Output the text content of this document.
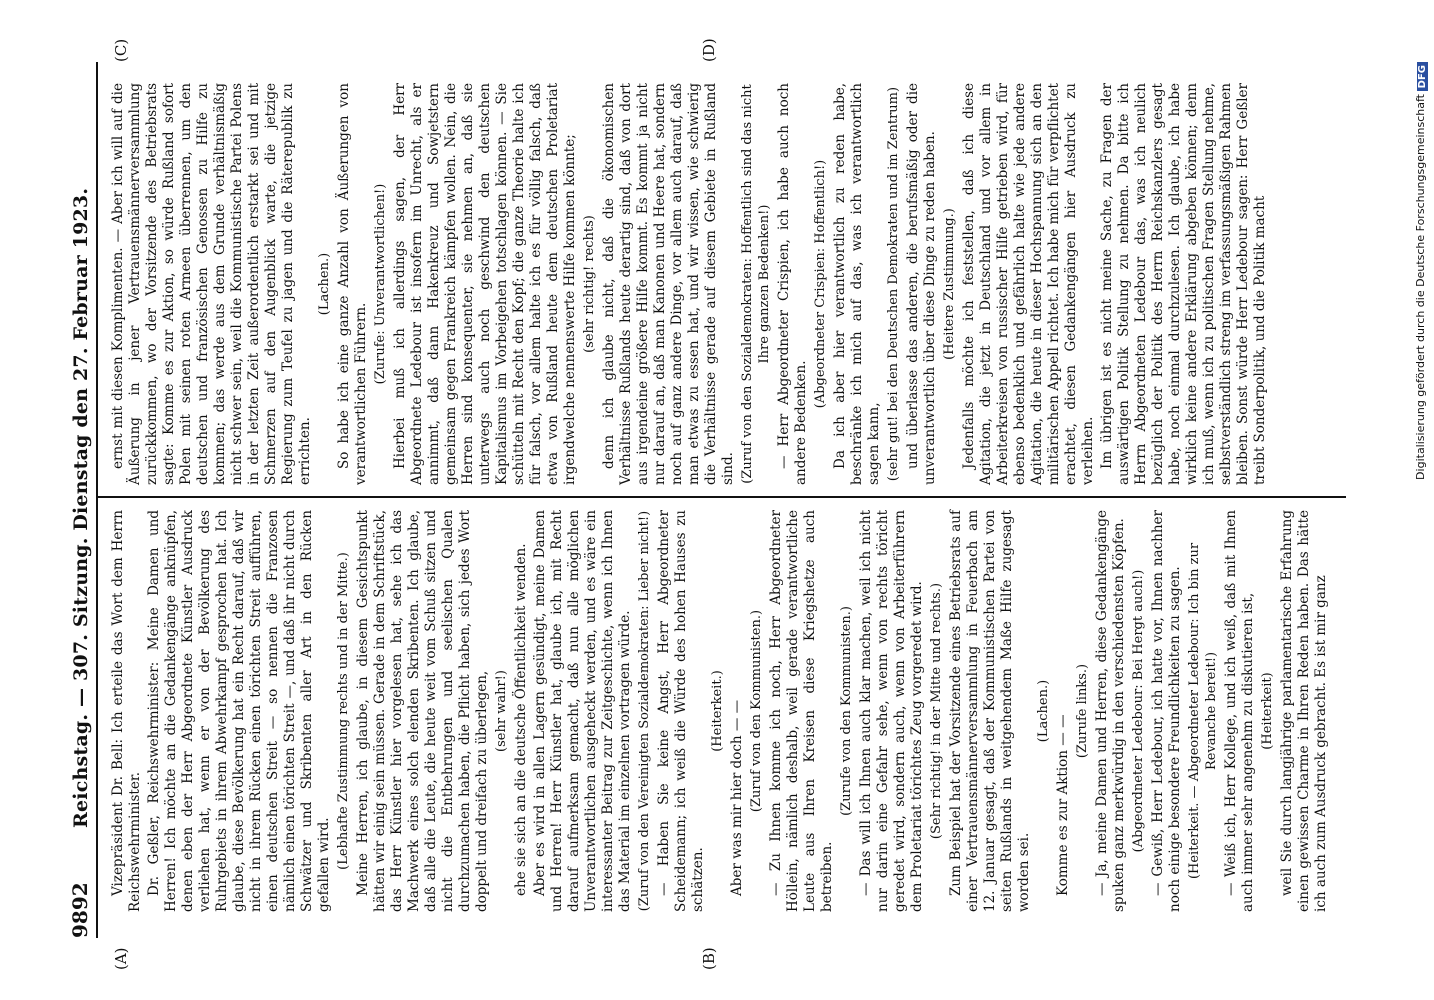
9892
Reichstag. — 307. Sitzung. Dienstag den 27. Februar 1923.
(A)	(B)
(C)	(D)

Vizepräsident Dr. Bell: Ich erteile das Wort dem Herrn Reichswehrminister. Dr. Geßler, Reichswehrminister: Meine Damen und Herren! Ich möchte an die Gedankengänge anknüpfen, denen eben der Herr Abgeordnete Künstler Ausdruck verliehen hat, wenn er von der Bevölkerung des Ruhrgebiets in ihrem Abwehrkampf gesprochen hat. Ich glaube, diese Bevölkerung hat ein Recht darauf, daß wir nicht in ihrem Rücken einen törichten Streit aufführen, einen deutschen Streit — so nennen die Franzosen nämlich einen törichten Streit —, und daß ihr nicht durch Schwätzer und Skribenten aller Art in den Rücken gefallen wird. (Lebhafte Zustimmung rechts und in der Mitte.) Meine Herren, ich glaube, in diesem Gesichtspunkt hätten wir einig sein müssen. Gerade in dem Schriftstück, das Herr Künstler hier vorgelesen hat, sehe ich das Machwerk eines solch elenden Skribenten. Ich glaube, daß alle die Leute, die heute weit vom Schuß sitzen und nicht die Entbehrungen und seelischen Qualen durchzumachen haben, die Pflicht haben, sich jedes Wort doppelt und dreifach zu überlegen, (sehr wahr!) ehe sie sich an die deutsche Öffentlichkeit wenden. Aber es wird in allen Lagern gesündigt, meine Damen und Herren! Herr Künstler hat, glaube ich, mit Recht darauf aufmerksam gemacht, daß nun alle möglichen Unverantwortlichen ausgeheckt werden, und es wäre ein interessanter Beitrag zur Zeitgeschichte, wenn ich Ihnen das Material im einzelnen vortragen würde. (Zuruf von den Vereinigten Sozialdemokraten: Lieber nicht!) — Haben Sie keine Angst, Herr Abgeordneter Scheidemann; ich weiß die Würde des hohen Hauses zu schätzen.

(Heiterkeit.) Aber was mir hier doch — — (Zuruf von den Kommunisten.) — Zu Ihnen komme ich noch, Herr Abgeordneter Höllein, nämlich deshalb, weil gerade verantwortliche Leute aus Ihren Kreisen diese Kriegshetze auch betreiben.

(Zurufe von den Kommunisten.) — Das will ich Ihnen auch klar machen, weil ich nicht nur darin eine Gefahr sehe, wenn von rechts töricht geredet wird, sondern auch, wenn von Arbeiterführern dem Proletariat törichtes Zeug vorgeredet wird. (Sehr richtig! in der Mitte und rechts.) Zum Beispiel hat der Vorsitzende eines Betriebsrats auf einer Vertrauensmännerversammlung in Feuerbach am 12. Januar gesagt, daß der Kommunistischen Partei von seiten Rußlands in weitgehendem Maße Hilfe zugesagt worden sei.

(Lachen.)

Komme es zur Aktion — —

(Zurufe links.) — Ja, meine Damen und Herren, diese Gedankengänge spuken ganz merkwürdig in den verschiedensten Köpfen. (Abgeordneter Ledebour: Bei Hergt auch!) — Gewiß, Herr Ledebour, ich hatte vor, Ihnen nachher noch einige besondere Freundlichkeiten zu sagen. (Heiterkeit. — Abgeordneter Ledebour: Ich bin zur Revanche bereit!) — Weiß ich, Herr Kollege, und ich weiß, daß mit Ihnen auch immer sehr angenehm zu diskutieren ist, (Heiterkeit) weil Sie durch langjährige parlamentarische Erfahrung einen gewissen Charme in Ihren Reden haben. Das hätte ich auch zum Ausdruck gebracht. Es ist mir ganz

ernst mit diesen Komplimenten. — Aber ich will auf die Äußerung in jener Vertrauensmännerversammlung zurückkommen, wo der Vorsitzende des Betriebsrats sagte: Komme es zur Aktion, so würde Rußland sofort Polen mit seinen roten Armeen überrennen, um den deutschen und französischen Genossen zu Hilfe zu kommen; das werde aus dem Grunde verhältnismäßig nicht schwer sein, weil die Kommunistische Partei Polens in der letzten Zeit außerordentlich erstarkt sei und mit Schmerzen auf den Augenblick warte, die jetzige Regierung zum Teufel zu jagen und die Räterepublik zu errichten.

(Lachen.) So habe ich eine ganze Anzahl von Äußerungen von verantwortlichen Führern.

(Zurufe: Unverantwortlichen!) Hierbei muß ich allerdings sagen, der Herr Abgeordnete Ledebour ist insofern im Unrecht, als er annimmt, daß dann Hakenkreuz und Sowjetstern gemeinsam gegen Frankreich kämpfen wollen. Nein, die Herren sind konsequenter, sie nehmen an, daß sie unterwegs auch noch geschwind den deutschen Kapitalismus im Vorbeigehen totschlagen können. — Sie schütteln mit Recht den Kopf; die ganze Theorie halte ich für falsch, vor allem halte ich es für völlig falsch, daß etwa von Rußland heute dem deutschen Proletariat irgendwelche nennenswerte Hilfe kommen könnte; (sehr richtig! rechts) denn ich glaube nicht, daß die ökonomischen Verhältnisse Rußlands heute derartig sind, daß von dort aus irgendeine größere Hilfe kommt. Es kommt ja nicht nur darauf an, daß man Kanonen und Heere hat, sondern noch auf ganz andere Dinge, vor allem auch darauf, daß man etwas zu essen hat, und wir wissen, wie schwierig die Verhältnisse gerade auf diesem Gebiete in Rußland sind. (Zuruf von den Sozialdemokraten: Hoffentlich sind das nicht Ihre ganzen Bedenken!) — Herr Abgeordneter Crispien, ich habe auch noch andere Bedenken.

(Abgeordneter Crispien: Hoffentlich!) Da ich aber hier verantwortlich zu reden habe, beschränke ich mich auf das, was ich verantwortlich sagen kann, (sehr gut! bei den Deutschen Demokraten und im Zentrum) und überlasse das anderen, die berufsmäßig oder die unverantwortlich über diese Dinge zu reden haben. (Heitere Zustimmung.) Jedenfalls möchte ich feststellen, daß ich diese Agitation, die jetzt in Deutschland und vor allem in Arbeiterkreisen von russischer Hilfe getrieben wird, für ebenso bedenklich und gefährlich halte wie jede andere Agitation, die heute in dieser Hochspannung sich an den militärischen Appell richtet. Ich habe mich für verpflichtet erachtet, diesen Gedankengängen hier Ausdruck zu verleihen. Im übrigen ist es nicht meine Sache, zu Fragen der auswärtigen Politik Stellung zu nehmen. Da bitte ich Herrn Abgeordneten Ledebour das, was ich neulich bezüglich der Politik des Herrn Reichskanzlers gesagt habe, noch einmal durchzulesen. Ich glaube, ich habe wirklich keine andere Erklärung abgeben können; denn ich muß, wenn ich zu politischen Fragen Stellung nehme, selbstverständlich streng im verfassungsmäßigen Rahmen bleiben. Sonst würde Herr Ledebour sagen: Herr Geßler treibt Sonderpolitik, und die Politik macht	Digitalisierung gefördert durch die Deutsche Forschungsgemeinschaft
DFG
